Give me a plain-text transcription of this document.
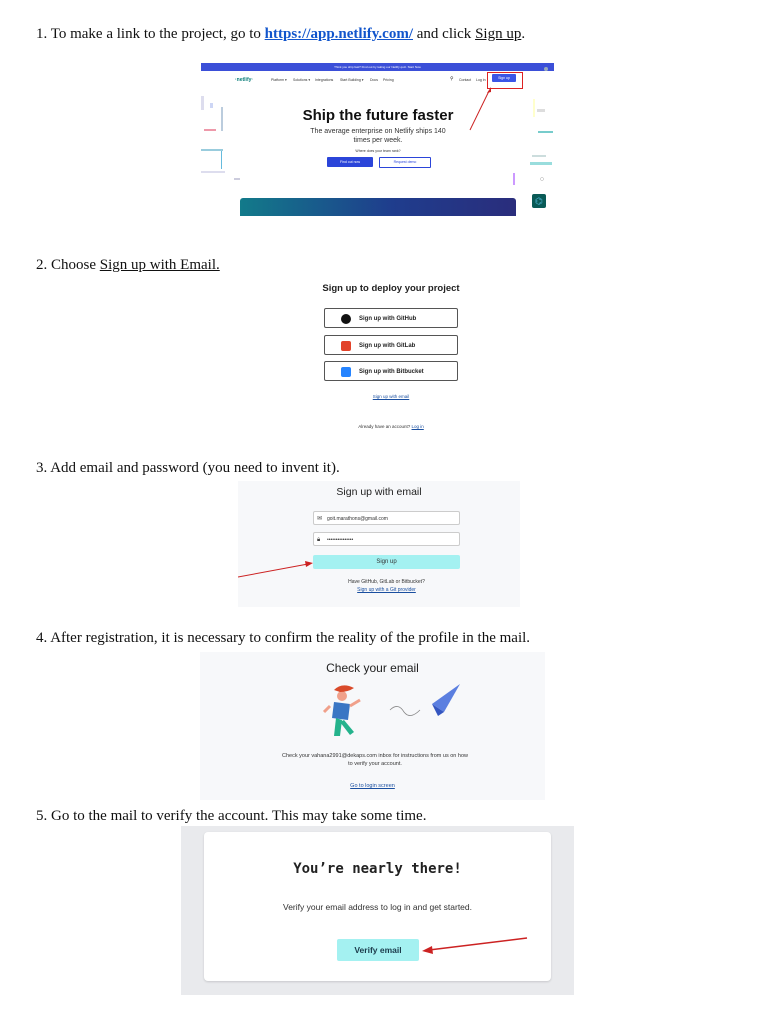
1. To make a link to the project, go to https://app.netlify.com/ and click Sign up.
Think you ship fast? Find out by taking our Netlify quiz. Start Now
·netlify·	Platform ▾ Solutions ▾ Integrations Start Building ▾ Docs Pricing	⚲ Contact Log in	Sign up
Ship the future faster
The average enterprise on Netlify ships 140 times per week.
Where does your team rank?
Find out now	Request demo
⌬
2. Choose Sign up with Email.
Sign up to deploy your project
Sign up with GitHub
Sign up with GitLab
Sign up with Bitbucket
Sign up with email
Already have an account? Log in
3. Add email and password (you need to invent it).
Sign up with email
✉ goit.marathons@gmail.com
🔒︎ •••••••••••••••
Sign up
Have GitHub, GitLab or Bitbucket?
Sign up with a Git provider
4. After registration, it is necessary to confirm the reality of the profile in the mail.
Check your email
Check your vahana2991@dekaps.com inbox for instructions from us on how to verify your account.
Go to login screen
5. Go to the mail to verify the account. This may take some time.
You’re nearly there!
Verify your email address to log in and get started.
Verify email
